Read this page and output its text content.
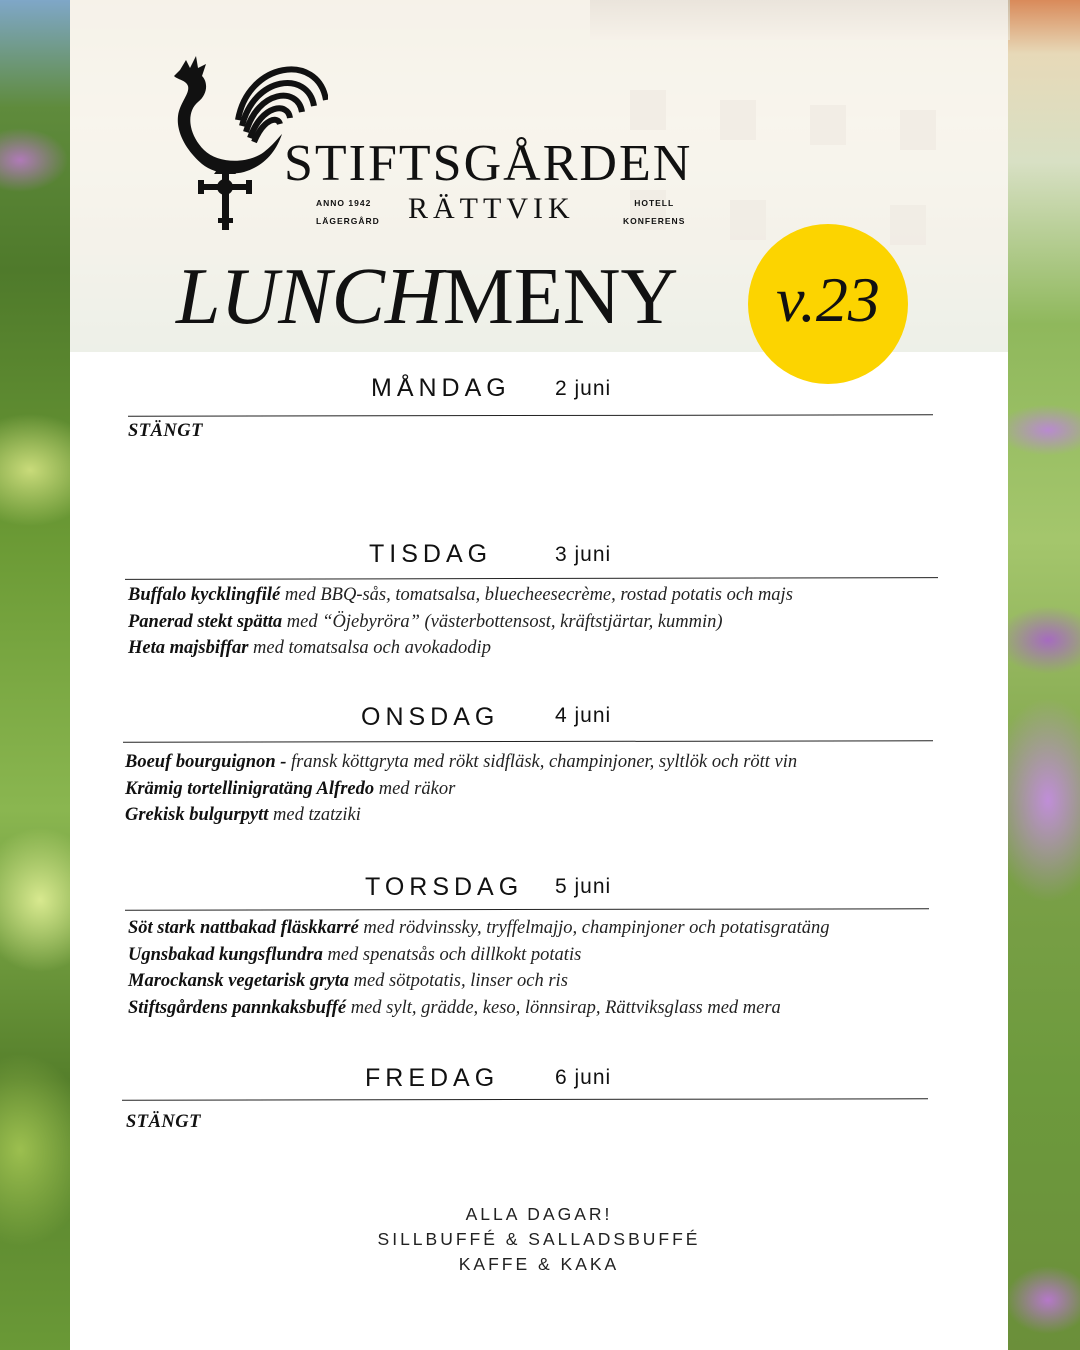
STIFTSGÅRDEN
ANNO 1942
LÄGERGÅRD RÄTTVIK	HOTELL
KONFERENS
LUNCHMENY v.23
MÅNDAG 2 juni
STÄNGT
TISDAG	3 juni
Buffalo kycklingfilé med BBQ-sås, tomatsalsa, bluecheesecrème, rostad potatis och majs
Panerad stekt spätta med “Öjebyröra” (västerbottensost, kräftstjärtar, kummin)
Heta majsbiffar med tomatsalsa och avokadodip
ONSDAG	4 juni
Boeuf bourguignon - fransk köttgryta med rökt sidfläsk, champinjoner, syltlök och rött vin
Krämig tortellinigratäng Alfredo med räkor
Grekisk bulgurpytt med tzatziki
TORSDAG 5 juni
Söt stark nattbakad fläskkarré med rödvinssky, tryffelmajjo, champinjoner och potatisgratäng
Ugnsbakad kungsflundra med spenatsås och dillkokt potatis
Marockansk vegetarisk gryta med sötpotatis, linser och ris
Stiftsgårdens pannkaksbuffé med sylt, grädde, keso, lönnsirap, Rättviksglass med mera
FREDAG	6 juni
STÄNGT
ALLA DAGAR!
SILLBUFFÉ & SALLADSBUFFÉ
KAFFE & KAKA
